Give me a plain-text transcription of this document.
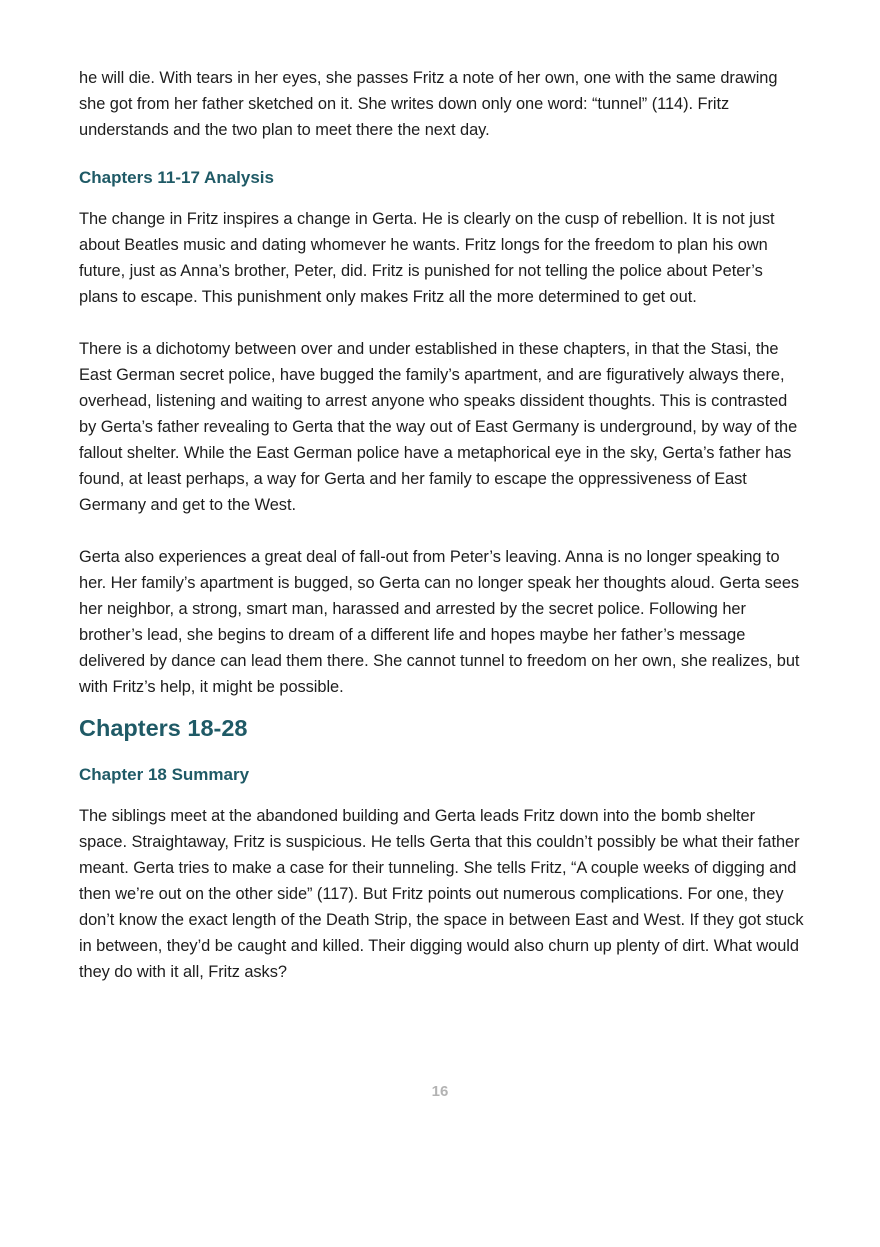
he will die. With tears in her eyes, she passes Fritz a note of her own, one with the same drawing she got from her father sketched on it. She writes down only one word: “tunnel” (114). Fritz understands and the two plan to meet there the next day.

Chapters 11-17 Analysis

The change in Fritz inspires a change in Gerta. He is clearly on the cusp of rebellion. It is not just about Beatles music and dating whomever he wants. Fritz longs for the freedom to plan his own future, just as Anna’s brother, Peter, did. Fritz is punished for not telling the police about Peter’s plans to escape. This punishment only makes Fritz all the more determined to get out.

There is a dichotomy between over and under established in these chapters, in that the Stasi, the East German secret police, have bugged the family’s apartment, and are figuratively always there, overhead, listening and waiting to arrest anyone who speaks dissident thoughts. This is contrasted by Gerta’s father revealing to Gerta that the way out of East Germany is underground, by way of the fallout shelter. While the East German police have a metaphorical eye in the sky, Gerta’s father has found, at least perhaps, a way for Gerta and her family to escape the oppressiveness of East Germany and get to the West.

Gerta also experiences a great deal of fall-out from Peter’s leaving. Anna is no longer speaking to her. Her family’s apartment is bugged, so Gerta can no longer speak her thoughts aloud. Gerta sees her neighbor, a strong, smart man, harassed and arrested by the secret police. Following her brother’s lead, she begins to dream of a different life and hopes maybe her father’s message delivered by dance can lead them there. She cannot tunnel to freedom on her own, she realizes, but with Fritz’s help, it might be possible.

Chapters 18-28
Chapter 18 Summary

The siblings meet at the abandoned building and Gerta leads Fritz down into the bomb shelter space. Straightaway, Fritz is suspicious. He tells Gerta that this couldn’t possibly be what their father meant. Gerta tries to make a case for their tunneling. She tells Fritz, “A couple weeks of digging and then we’re out on the other side” (117). But Fritz points out numerous complications. For one, they don’t know the exact length of the Death Strip, the space in between East and West. If they got stuck in between, they’d be caught and killed. Their digging would also churn up plenty of dirt. What would they do with it all, Fritz asks?

16
